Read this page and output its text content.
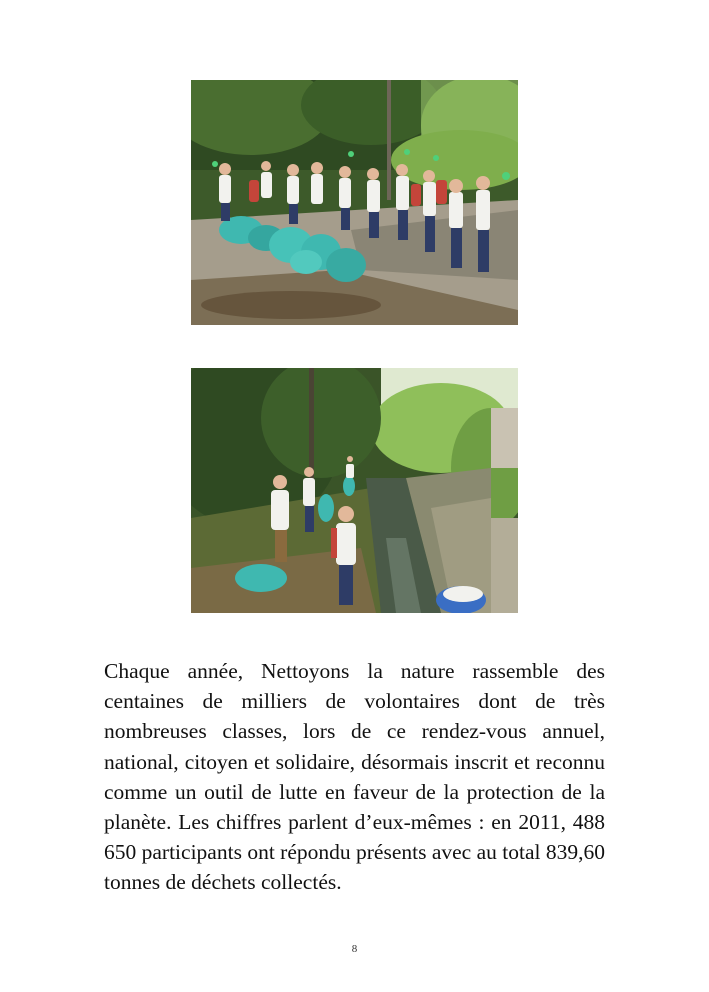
Chaque année, Nettoyons la nature rassemble des centaines de milliers de volontaires dont de très nombreuses classes, lors de ce rendez-vous annuel, national, citoyen et solidaire, désormais inscrit et reconnu comme un outil de lutte en faveur de la protection de la planète. Les chiffres parlent d’eux-mêmes : en 2011, 488 650 participants ont répondu présents avec au total 839,60 tonnes de déchets collectés.

8
